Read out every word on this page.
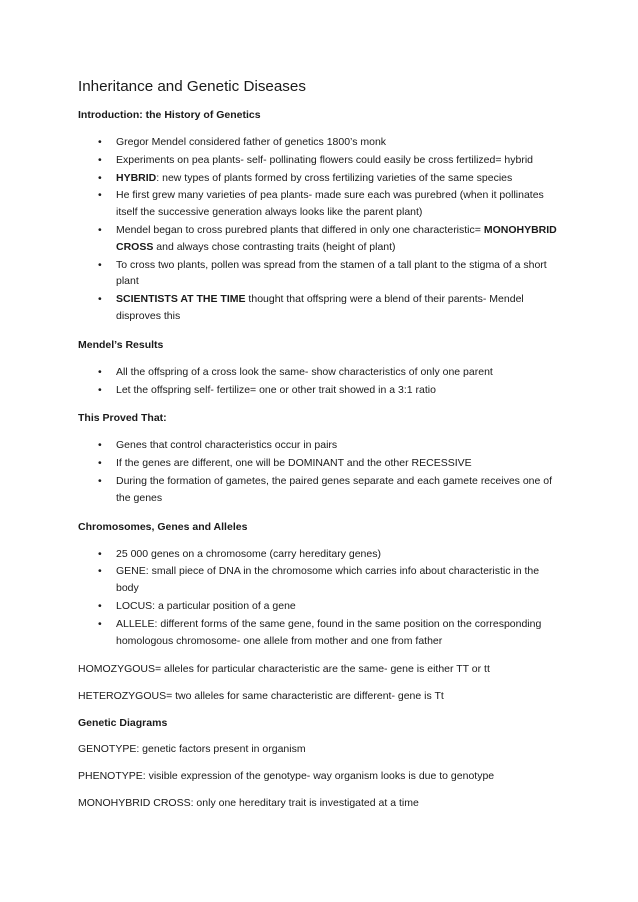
Inheritance and Genetic Diseases
Introduction: the History of Genetics
• Gregor Mendel considered father of genetics 1800’s monk
• Experiments on pea plants- self- pollinating flowers could easily be cross fertilized= hybrid
• HYBRID: new types of plants formed by cross fertilizing varieties of the same species
• He first grew many varieties of pea plants- made sure each was purebred (when it pollinates itself the successive generation always looks like the parent plant)
• Mendel began to cross purebred plants that differed in only one characteristic= MONOHYBRID CROSS and always chose contrasting traits (height of plant)
• To cross two plants, pollen was spread from the stamen of a tall plant to the stigma of a short plant
• SCIENTISTS AT THE TIME thought that offspring were a blend of their parents- Mendel disproves this
Mendel’s Results
• All the offspring of a cross look the same- show characteristics of only one parent
• Let the offspring self- fertilize= one or other trait showed in a 3:1 ratio
This Proved That:
• Genes that control characteristics occur in pairs
• If the genes are different, one will be DOMINANT and the other RECESSIVE
• During the formation of gametes, the paired genes separate and each gamete receives one of the genes
Chromosomes, Genes and Alleles
• 25 000 genes on a chromosome (carry hereditary genes)
• GENE: small piece of DNA in the chromosome which carries info about characteristic in the body
• LOCUS: a particular position of a gene
• ALLELE: different forms of the same gene, found in the same position on the corresponding homologous chromosome- one allele from mother and one from father
HOMOZYGOUS= alleles for particular characteristic are the same- gene is either TT or tt
HETEROZYGOUS= two alleles for same characteristic are different- gene is Tt
Genetic Diagrams
GENOTYPE: genetic factors present in organism
PHENOTYPE: visible expression of the genotype- way organism looks is due to genotype
MONOHYBRID CROSS: only one hereditary trait is investigated at a time
